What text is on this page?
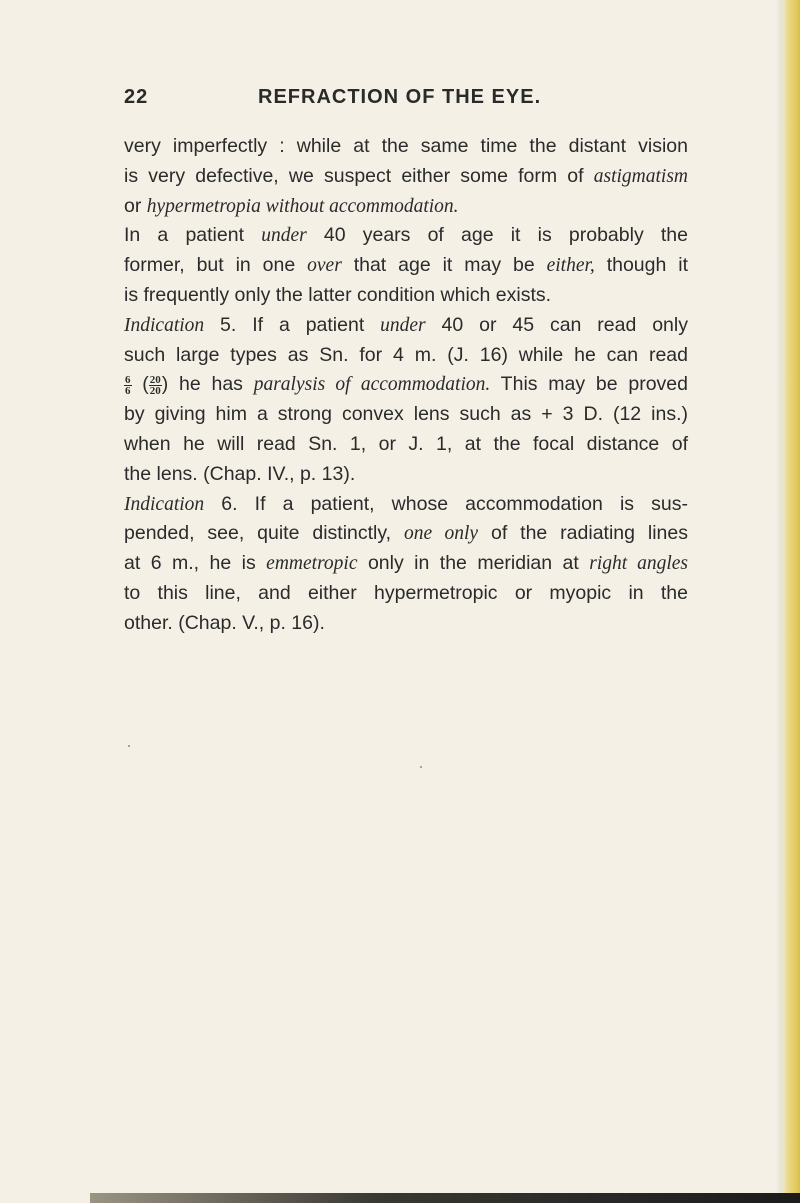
22	REFRACTION OF THE EYE.
very imperfectly : while at the same time the distant vision
is very defective, we suspect either some form of astigmatism
or hypermetropia without accommodation.
In a patient under 40 years of age it is probably the
former, but in one over that age it may be either, though it
is frequently only the latter condition which exists.
Indication 5. If a patient under 40 or 45 can read only
such large types as Sn. for 4 m. (J. 16) while he can read
$\frac{6}{6}$ ( $\frac{20}{20}$ ) he has paralysis of accommodation. This may be proved
by giving him a strong convex lens such as + 3 D. (12 ins.)
when he will read Sn. 1, or J. 1, at the focal distance of
the lens. (Chap. IV., p. 13).
Indication 6. If a patient, whose accommodation is sus-
pended, see, quite distinctly, one only of the radiating lines
at 6 m., he is emmetropic only in the meridian at right angles
to this line, and either hypermetropic or myopic in the
other. (Chap. V., p. 16).
